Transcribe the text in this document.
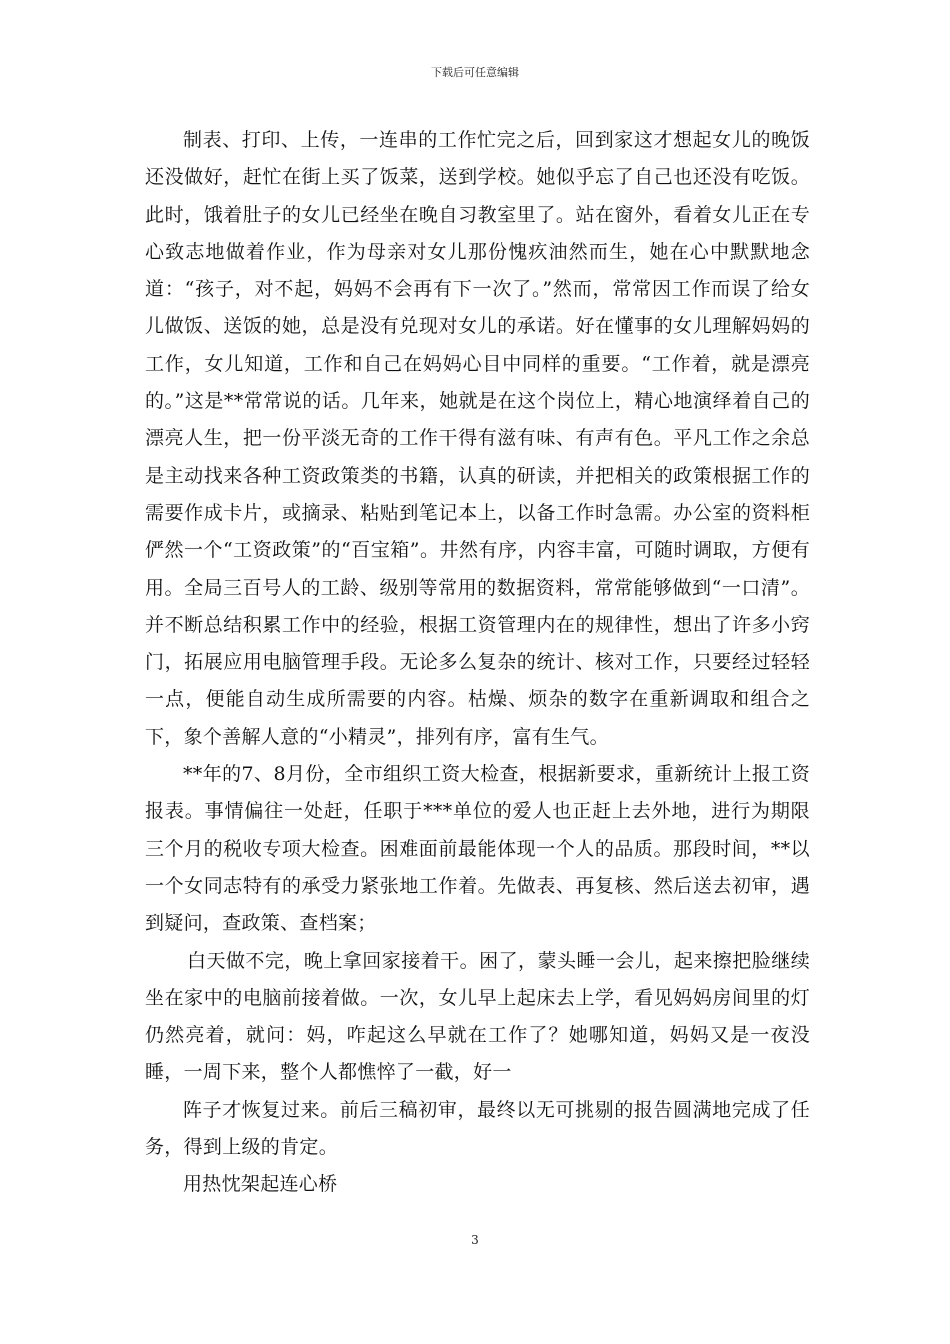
下载后可任意编辑

制表、打印、上传，一连串的工作忙完之后，回到家这才想起女儿的晚饭还没做好，赶忙在街上买了饭菜，送到学校。她似乎忘了自己也还没有吃饭。此时，饿着肚子的女儿已经坐在晚自习教室里了。站在窗外，看着女儿正在专心致志地做着作业，作为母亲对女儿那份愧疚油然而生，她在心中默默地念道：“孩子，对不起，妈妈不会再有下一次了。”然而，常常因工作而误了给女儿做饭、送饭的她，总是没有兑现对女儿的承诺。好在懂事的女儿理解妈妈的工作，女儿知道，工作和自己在妈妈心目中同样的重要。“工作着，就是漂亮的。”这是**常常说的话。几年来，她就是在这个岗位上，精心地演绎着自己的漂亮人生，把一份平淡无奇的工作干得有滋有味、有声有色。平凡工作之余总是主动找来各种工资政策类的书籍，认真的研读，并把相关的政策根据工作的需要作成卡片，或摘录、粘贴到笔记本上，以备工作时急需。办公室的资料柜俨然一个“工资政策”的“百宝箱”。井然有序，内容丰富，可随时调取，方便有用。全局三百号人的工龄、级别等常用的数据资料，常常能够做到“一口清”。并不断总结积累工作中的经验，根据工资管理内在的规律性，想出了许多小窍门，拓展应用电脑管理手段。无论多么复杂的统计、核对工作，只要经过轻轻一点，便能自动生成所需要的内容。枯燥、烦杂的数字在重新调取和组合之下，象个善解人意的“小精灵”，排列有序，富有生气。

**年的7、8月份，全市组织工资大检查，根据新要求，重新统计上报工资报表。事情偏往一处赶，任职于***单位的爱人也正赶上去外地，进行为期限三个月的税收专项大检查。困难面前最能体现一个人的品质。那段时间，**以一个女同志特有的承受力紧张地工作着。先做表、再复核、然后送去初审，遇到疑问，查政策、查档案；

白天做不完，晚上拿回家接着干。困了，蒙头睡一会儿，起来擦把脸继续坐在家中的电脑前接着做。一次，女儿早上起床去上学，看见妈妈房间里的灯仍然亮着，就问：妈，咋起这么早就在工作了？她哪知道，妈妈又是一夜没睡，一周下来，整个人都憔悴了一截，好一

阵子才恢复过来。前后三稿初审，最终以无可挑剔的报告圆满地完成了任务，得到上级的肯定。

用热忱架起连心桥

3
